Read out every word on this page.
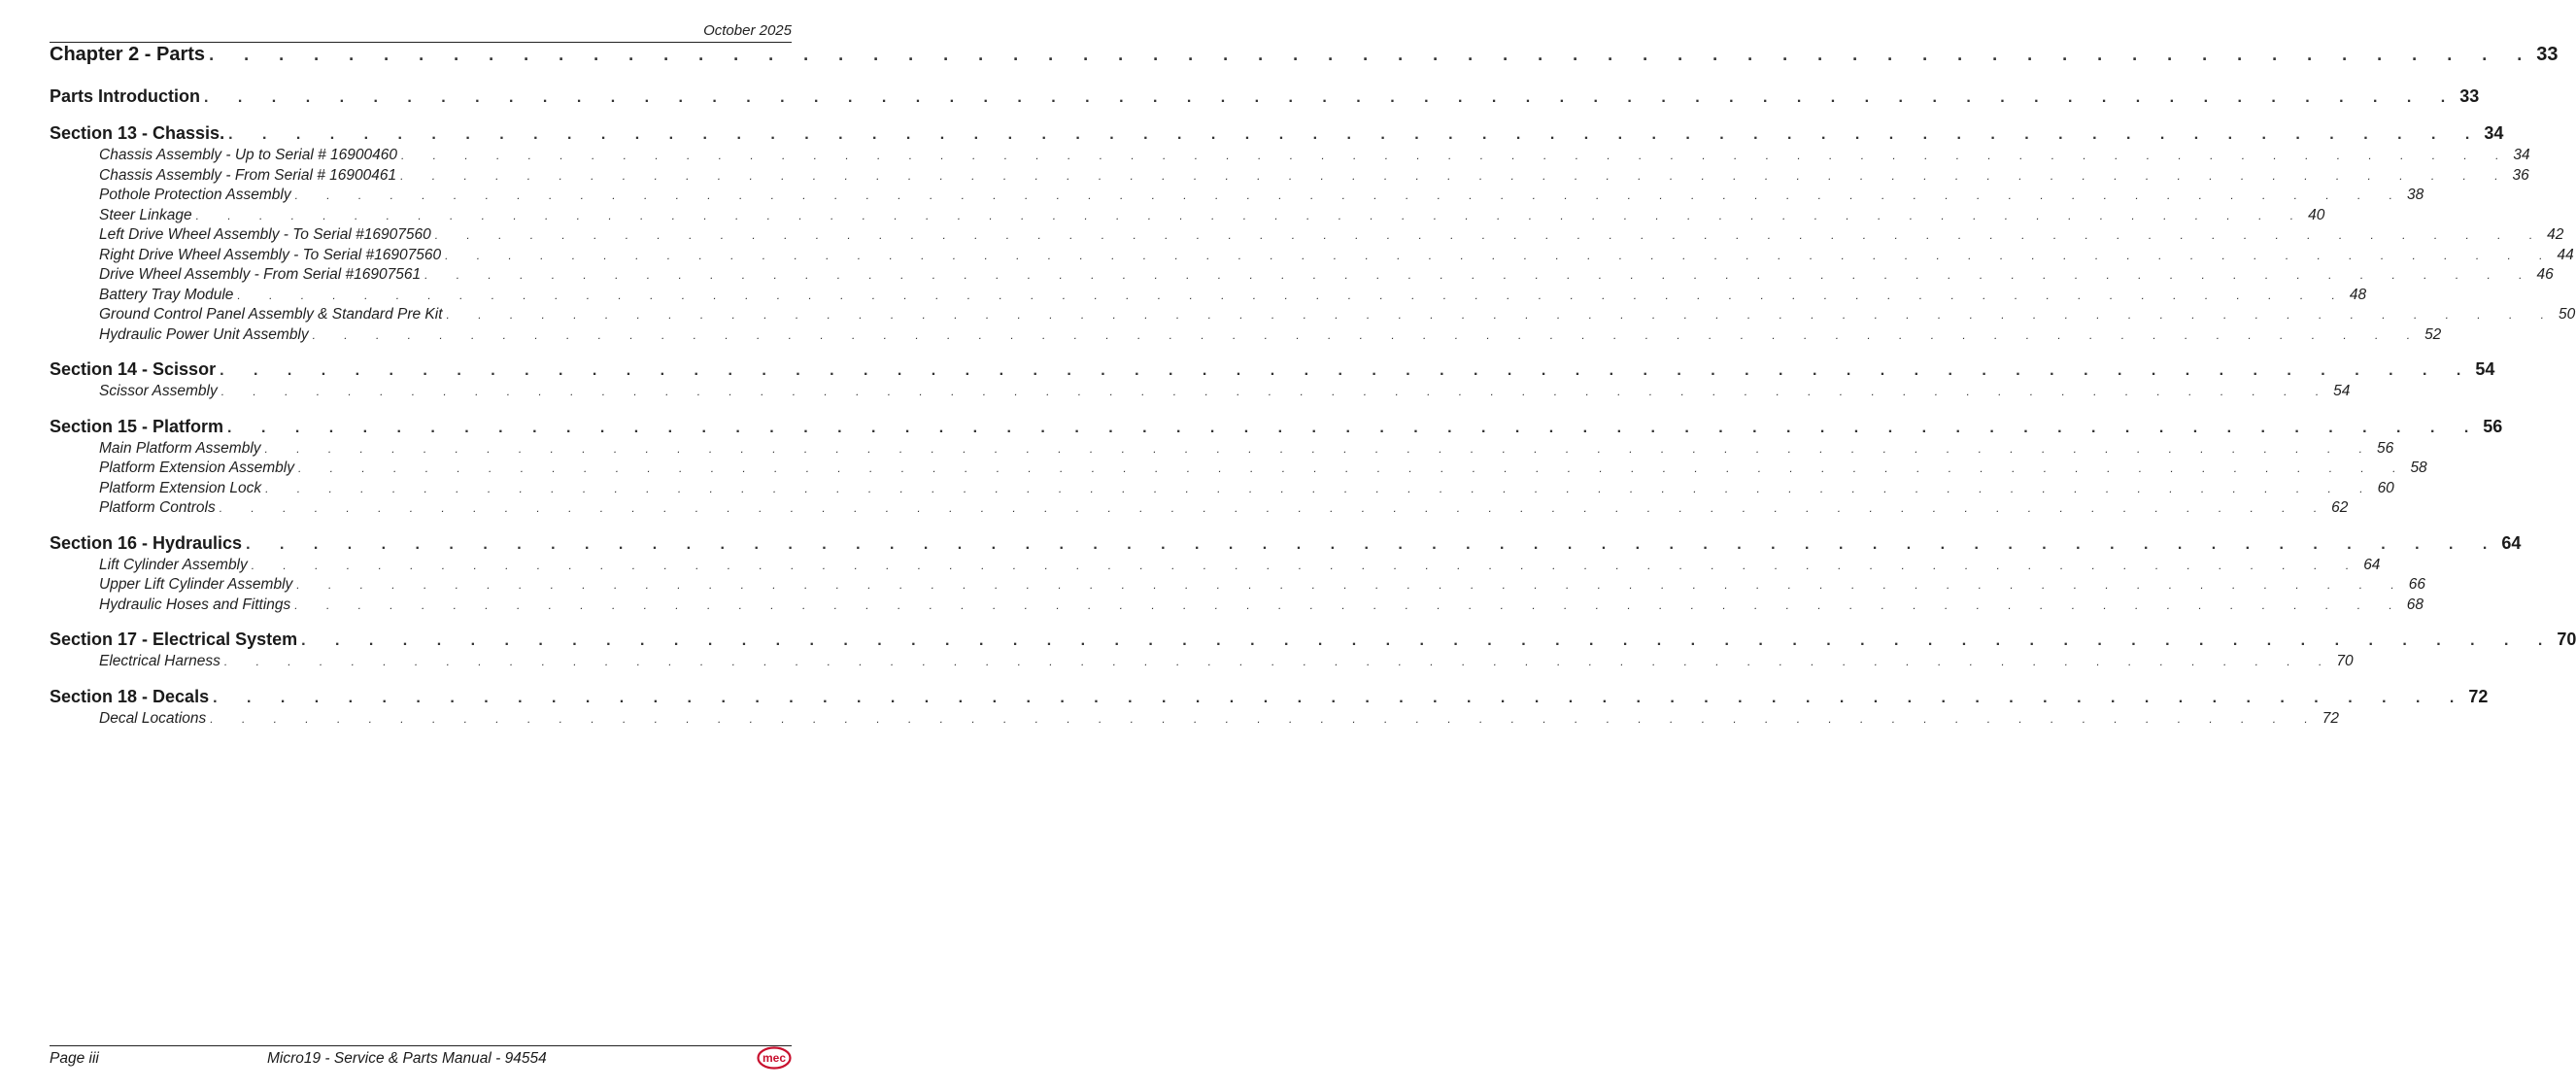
October 2025
Chapter 2 - Parts . . . . . . . . . . . . . . . . . . . . . . . . . . . . . . . . . . . . . . . . . . . . . . . . . . . . . . . . . . . . . . . . . . . 33
Parts Introduction . . . . . . . . . . . . . . . . . . . . . . . . . . . . . . . . . . . . . . . . . . . . . . . . . . . . . . . . . . . . . . . . . . . 33
Section 13 - Chassis. . . . . . . . . . . . . . . . . . . . . . . . . . . . . . . . . . . . . . . . . . . . . . . . . . . . . . . . . . . . . . . . . . . . 34
Chassis Assembly - Up to Serial # 16900460 . . . . . . . . . . . . . . . . . . . . . . . . . . . . . . . . . . . . . . . . . . . . . . . . . . . . . . . . . . . . . . . . . . . 34
Chassis Assembly - From Serial # 16900461 . . . . . . . . . . . . . . . . . . . . . . . . . . . . . . . . . . . . . . . . . . . . . . . . . . . . . . . . . . . . . . . . . . . 36
Pothole Protection Assembly . . . . . . . . . . . . . . . . . . . . . . . . . . . . . . . . . . . . . . . . . . . . . . . . . . . . . . . . . . . . . . . . . . . 38
Steer Linkage . . . . . . . . . . . . . . . . . . . . . . . . . . . . . . . . . . . . . . . . . . . . . . . . . . . . . . . . . . . . . . . . . . . 40
Left Drive Wheel Assembly - To Serial #16907560 . . . . . . . . . . . . . . . . . . . . . . . . . . . . . . . . . . . . . . . . . . . . . . . . . . . . . . . . . . . . . . . . . . . 42
Right Drive Wheel Assembly - To Serial #16907560 . . . . . . . . . . . . . . . . . . . . . . . . . . . . . . . . . . . . . . . . . . . . . . . . . . . . . . . . . . . . . . . . . . . 44
Drive Wheel Assembly - From Serial #16907561 . . . . . . . . . . . . . . . . . . . . . . . . . . . . . . . . . . . . . . . . . . . . . . . . . . . . . . . . . . . . . . . . . . . 46
Battery Tray Module . . . . . . . . . . . . . . . . . . . . . . . . . . . . . . . . . . . . . . . . . . . . . . . . . . . . . . . . . . . . . . . . . . . 48
Ground Control Panel Assembly & Standard Pre Kit . . . . . . . . . . . . . . . . . . . . . . . . . . . . . . . . . . . . . . . . . . . . . . . . . . . . . . . . . . . . . . . . . . . 50
Hydraulic Power Unit Assembly . . . . . . . . . . . . . . . . . . . . . . . . . . . . . . . . . . . . . . . . . . . . . . . . . . . . . . . . . . . . . . . . . . . 52
Section 14 - Scissor . . . . . . . . . . . . . . . . . . . . . . . . . . . . . . . . . . . . . . . . . . . . . . . . . . . . . . . . . . . . . . . . . . . 54
Scissor Assembly . . . . . . . . . . . . . . . . . . . . . . . . . . . . . . . . . . . . . . . . . . . . . . . . . . . . . . . . . . . . . . . . . . . 54
Section 15 - Platform . . . . . . . . . . . . . . . . . . . . . . . . . . . . . . . . . . . . . . . . . . . . . . . . . . . . . . . . . . . . . . . . . . . 56
Main Platform Assembly . . . . . . . . . . . . . . . . . . . . . . . . . . . . . . . . . . . . . . . . . . . . . . . . . . . . . . . . . . . . . . . . . . . 56
Platform Extension Assembly . . . . . . . . . . . . . . . . . . . . . . . . . . . . . . . . . . . . . . . . . . . . . . . . . . . . . . . . . . . . . . . . . . . 58
Platform Extension Lock . . . . . . . . . . . . . . . . . . . . . . . . . . . . . . . . . . . . . . . . . . . . . . . . . . . . . . . . . . . . . . . . . . . 60
Platform Controls . . . . . . . . . . . . . . . . . . . . . . . . . . . . . . . . . . . . . . . . . . . . . . . . . . . . . . . . . . . . . . . . . . . 62
Section 16 - Hydraulics . . . . . . . . . . . . . . . . . . . . . . . . . . . . . . . . . . . . . . . . . . . . . . . . . . . . . . . . . . . . . . . . . . . 64
Lift Cylinder Assembly . . . . . . . . . . . . . . . . . . . . . . . . . . . . . . . . . . . . . . . . . . . . . . . . . . . . . . . . . . . . . . . . . . . 64
Upper Lift Cylinder Assembly . . . . . . . . . . . . . . . . . . . . . . . . . . . . . . . . . . . . . . . . . . . . . . . . . . . . . . . . . . . . . . . . . . . 66
Hydraulic Hoses and Fittings . . . . . . . . . . . . . . . . . . . . . . . . . . . . . . . . . . . . . . . . . . . . . . . . . . . . . . . . . . . . . . . . . . . 68
Section 17 - Electrical System . . . . . . . . . . . . . . . . . . . . . . . . . . . . . . . . . . . . . . . . . . . . . . . . . . . . . . . . . . . . . . . . . . . 70
Electrical Harness . . . . . . . . . . . . . . . . . . . . . . . . . . . . . . . . . . . . . . . . . . . . . . . . . . . . . . . . . . . . . . . . . . . 70
Section 18 - Decals . . . . . . . . . . . . . . . . . . . . . . . . . . . . . . . . . . . . . . . . . . . . . . . . . . . . . . . . . . . . . . . . . . . 72
Decal Locations . . . . . . . . . . . . . . . . . . . . . . . . . . . . . . . . . . . . . . . . . . . . . . . . . . . . . . . . . . . . . . . . . . . 72
Page iii	Micro19 - Service & Parts Manual - 94554	mec
